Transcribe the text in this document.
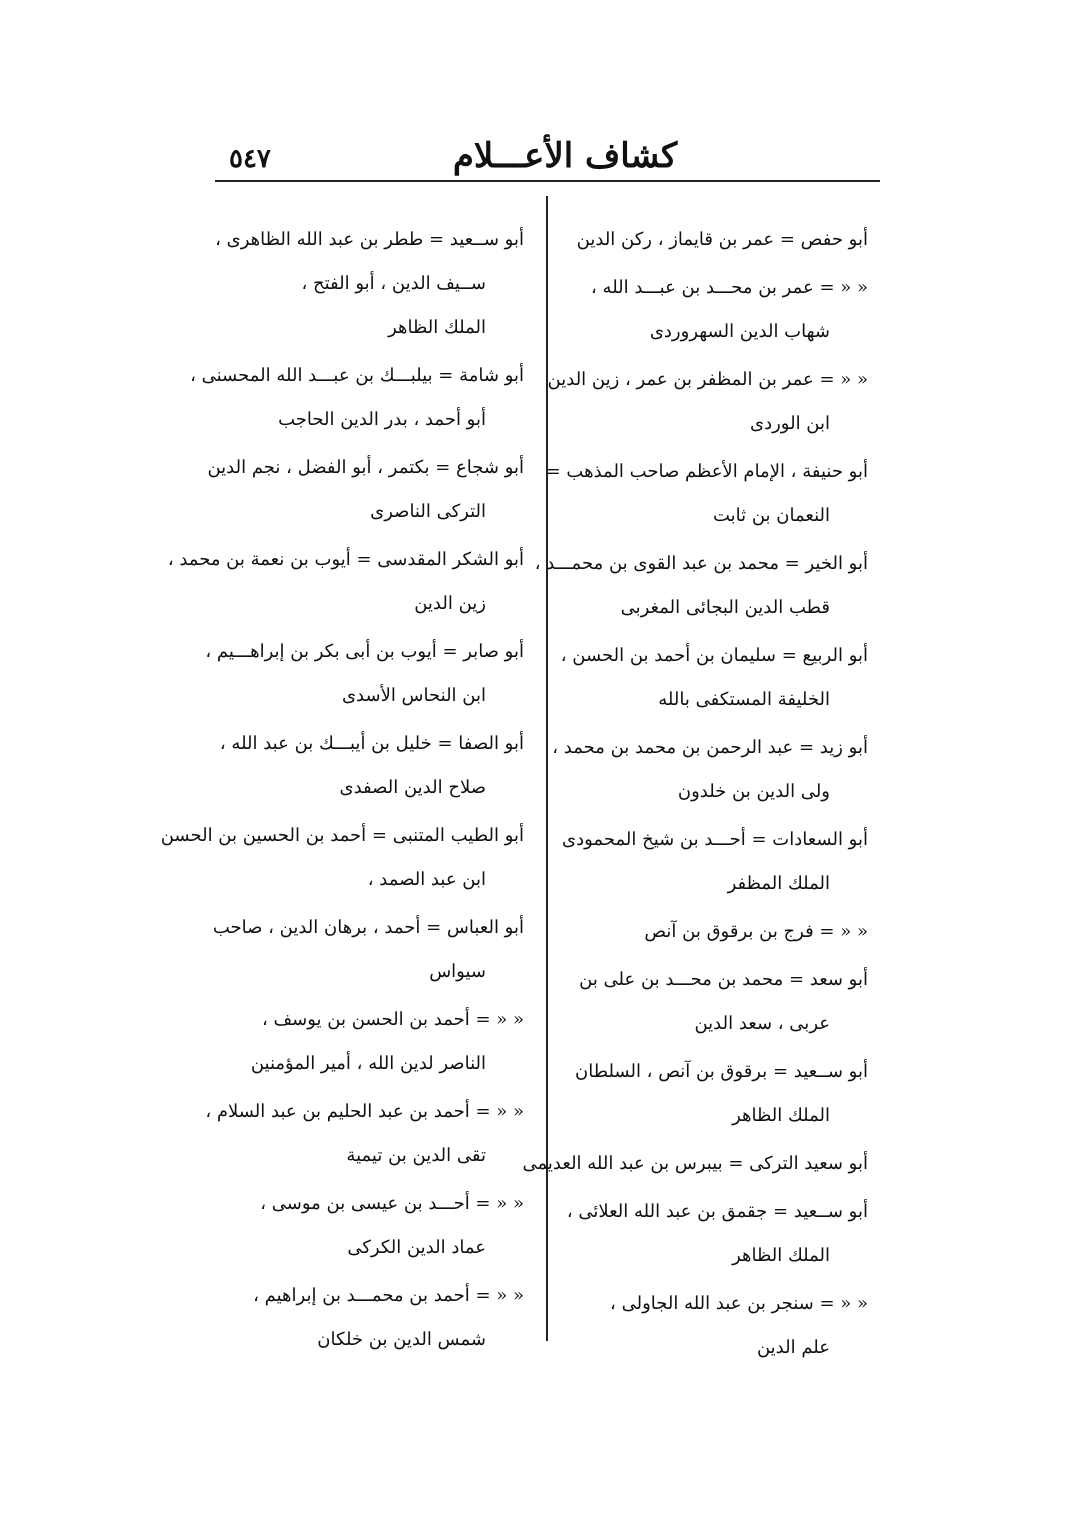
٥٤٧	كشاف الأعـــلام
أبو حفص = عمر بن قايماز ، ركن الدين
« « = عمر بن محـــد بن عبـــد الله ،
شهاب الدين السهروردى
« « = عمر بن المظفر بن عمر ، زين الدين
ابن الوردى
أبو حنيفة ، الإمام الأعظم صاحب المذهب =
النعمان بن ثابت
أبو الخير = محمد بن عبد القوى بن محمـــد ،
قطب الدين البجائى المغربى
أبو الربيع = سليمان بن أحمد بن الحسن ،
الخليفة المستكفى بالله
أبو زيد = عبد الرحمن بن محمد بن محمد ،
ولى الدين بن خلدون
أبو السعادات = أحـــد بن شيخ المحمودى
الملك المظفر
« « = فرج بن برقوق بن آنص
أبو سعد = محمد بن محـــد بن على بن
عربى ، سعد الدين
أبو ســعيد = برقوق بن آنص ، السلطان
الملك الظاهر
أبو سعيد التركى = بيبرس بن عبد الله العديمى
أبو ســعيد = جقمق بن عبد الله العلائى ،
الملك الظاهر
« « = سنجر بن عبد الله الجاولى ،
علم الدين
أبو ســعيد = ططر بن عبد الله الظاهرى ،
ســيف الدين ، أبو الفتح ،
الملك الظاهر
أبو شامة = بيلبـــك بن عبـــد الله المحسنى ،
أبو أحمد ، بدر الدين الحاجب
أبو شجاع = بكتمر ، أبو الفضل ، نجم الدين
التركى الناصرى
أبو الشكر المقدسى = أيوب بن نعمة بن محمد ،
زين الدين
أبو صابر = أيوب بن أبى بكر بن إبراهـــيم ،
ابن النحاس الأسدى
أبو الصفا = خليل بن أيبـــك بن عبد الله ،
صلاح الدين الصفدى
أبو الطيب المتنبى = أحمد بن الحسين بن الحسن
ابن عبد الصمد ،
أبو العباس = أحمد ، برهان الدين ، صاحب
سيواس
« « = أحمد بن الحسن بن يوسف ،
الناصر لدين الله ، أمير المؤمنين
« « = أحمد بن عبد الحليم بن عبد السلام ،
تقى الدين بن تيمية
« « = أحـــد بن عيسى بن موسى ،
عماد الدين الكركى
« « = أحمد بن محمـــد بن إبراهيم ،
شمس الدين بن خلكان
